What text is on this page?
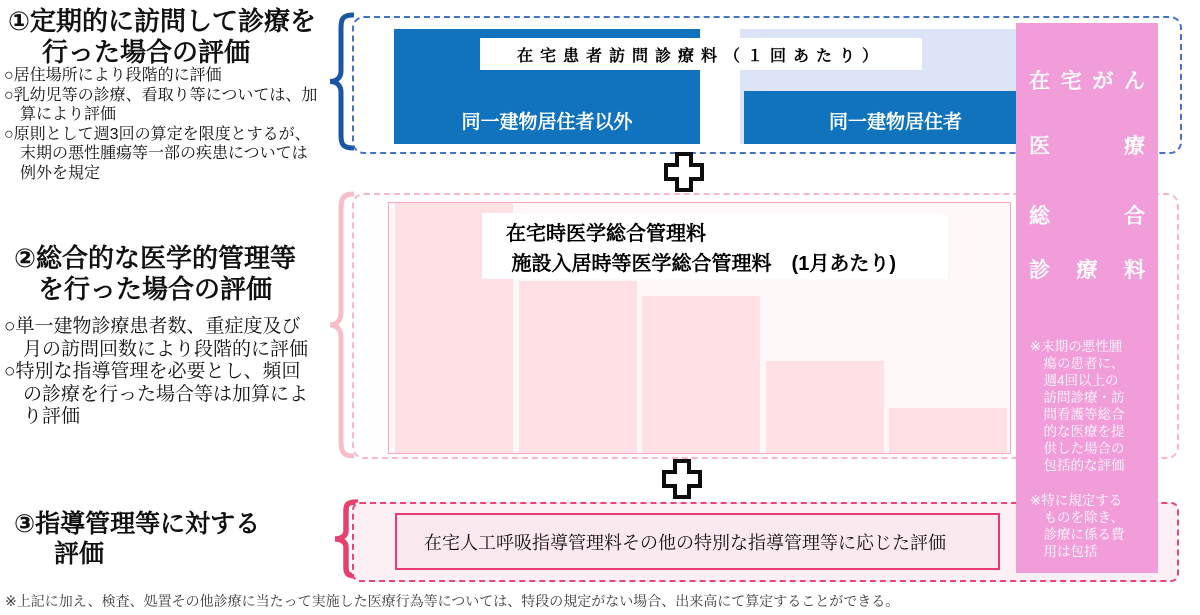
①定期的に訪問して診療を
行った場合の評価
○居住場所により段階的に評価
○乳幼児等の診療、看取り等については、加算により評価
○原則として週3回の算定を限度とするが、末期の悪性腫瘍等一部の疾患については例外を規定
②総合的な医学的管理等
を行った場合の評価
○単一建物診療患者数、重症度及び月の訪問回数により段階的に評価
○特別な指導管理を必要とし、頻回の診療を行った場合等は加算により評価
③指導管理等に対する
評価
同一建物居住者以外	同一建物居住者
在宅患者訪問診療料（１回あたり）
在宅時医学総合管理料
施設入居時等医学総合管理料　(1月あたり)
在宅人工呼吸指導管理料その他の特別な指導管理等に応じた評価
在 宅 が ん
医	療
総	合
診 療 料
※末期の悪性腫瘍の患者に、週4回以上の訪問診療・訪問看護等総合的な医療を提供した場合の包括的な評価
※特に規定するものを除き、診療に係る費用は包括
※上記に加え、検査、処置その他診療に当たって実施した医療行為等については、特段の規定がない場合、出来高にて算定することができる。
